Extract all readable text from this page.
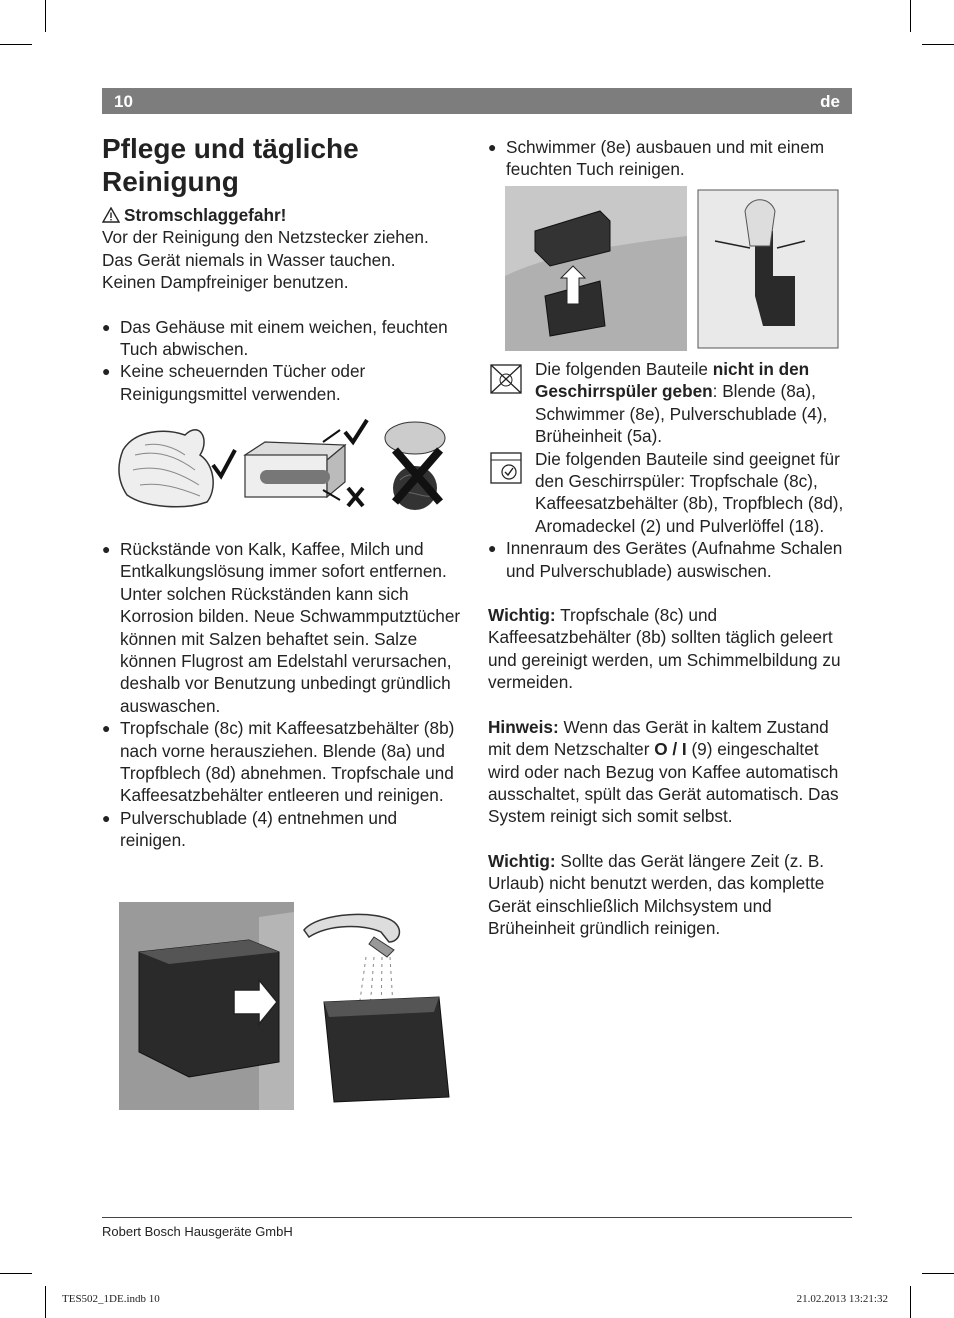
10	de
Pflege und tägliche
Reinigung
Stromschlaggefahr!

Vor der Reinigung den Netzstecker ziehen.

Das Gerät niemals in Wasser tauchen.

Keinen Dampfreiniger benutzen.

● Das Gehäuse mit einem weichen, feuchten Tuch abwischen.
● Keine scheuernden Tücher oder Reinigungsmittel verwenden.
● Rückstände von Kalk, Kaffee, Milch und Entkalkungslösung immer sofort entfernen. Unter solchen Rückständen kann sich Korrosion bilden. Neue Schwammputztücher können mit Salzen behaftet sein. Salze können Flugrost am Edelstahl verursachen, deshalb vor Benutzung unbedingt gründlich auswaschen.
● Tropfschale (8c) mit Kaffeesatzbehälter (8b) nach vorne herausziehen. Blende (8a) und Tropfblech (8d) abnehmen. Tropfschale und Kaffeesatzbehälter entleeren und reinigen.
● Pulverschublade (4) entnehmen und reinigen.
● Schwimmer (8e) ausbauen und mit einem feuchten Tuch reinigen.
Die folgenden Bauteile nicht in den Geschirrspüler geben: Blende (8a), Schwimmer (8e), Pulverschublade (4), Brüheinheit (5a).
Die folgenden Bauteile sind geeignet für den Geschirrspüler: Tropfschale (8c), Kaffeesatzbehälter (8b), Tropfblech (8d), Aromadeckel (2) und Pulverlöffel (18).
● Innenraum des Gerätes (Aufnahme Schalen und Pulverschublade) auswischen.

Wichtig: Tropfschale (8c) und Kaffeesatzbehälter (8b) sollten täglich geleert und gereinigt werden, um Schimmelbildung zu vermeiden.

Hinweis: Wenn das Gerät in kaltem Zustand mit dem Netzschalter O / I (9) eingeschaltet wird oder nach Bezug von Kaffee automatisch ausschaltet, spült das Gerät automatisch. Das System reinigt sich somit selbst.

Wichtig: Sollte das Gerät längere Zeit (z. B. Urlaub) nicht benutzt werden, das komplette Gerät einschließlich Milchsystem und Brüheinheit gründlich reinigen.

Robert Bosch Hausgeräte GmbH
TES502_1DE.indb 10	21.02.2013 13:21:32
